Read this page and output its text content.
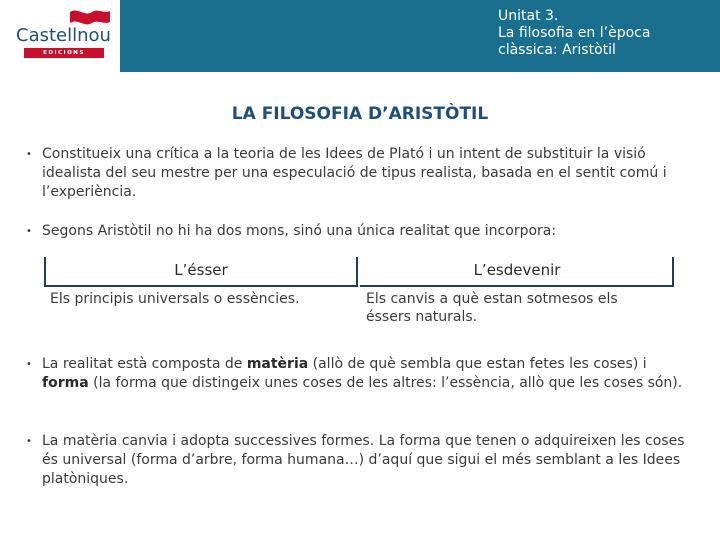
Castellnou
EDICIONS
Unitat 3.
La filosofia en l’època
clàssica: Aristòtil
LA FILOSOFIA D’ARISTÒTIL
• Constitueix una crítica a la teoria de les Idees de Plató i un intent de substituir la visió idealista del seu mestre per una especulació de tipus realista, basada en el sentit comú i l’experiència.
• Segons Aristòtil no hi ha dos mons, sinó una única realitat que incorpora:
L’ésser
Els principis universals o essències.
L’esdevenir
Els canvis a què estan sotmesos els éssers naturals.
• La realitat està composta de matèria (allò de què sembla que estan fetes les coses) i forma (la forma que distingeix unes coses de les altres: l’essència, allò que les coses són).
• La matèria canvia i adopta successives formes. La forma que tenen o adquireixen les coses és universal (forma d’arbre, forma humana…) d’aquí que sigui el més semblant a les Idees platòniques.
